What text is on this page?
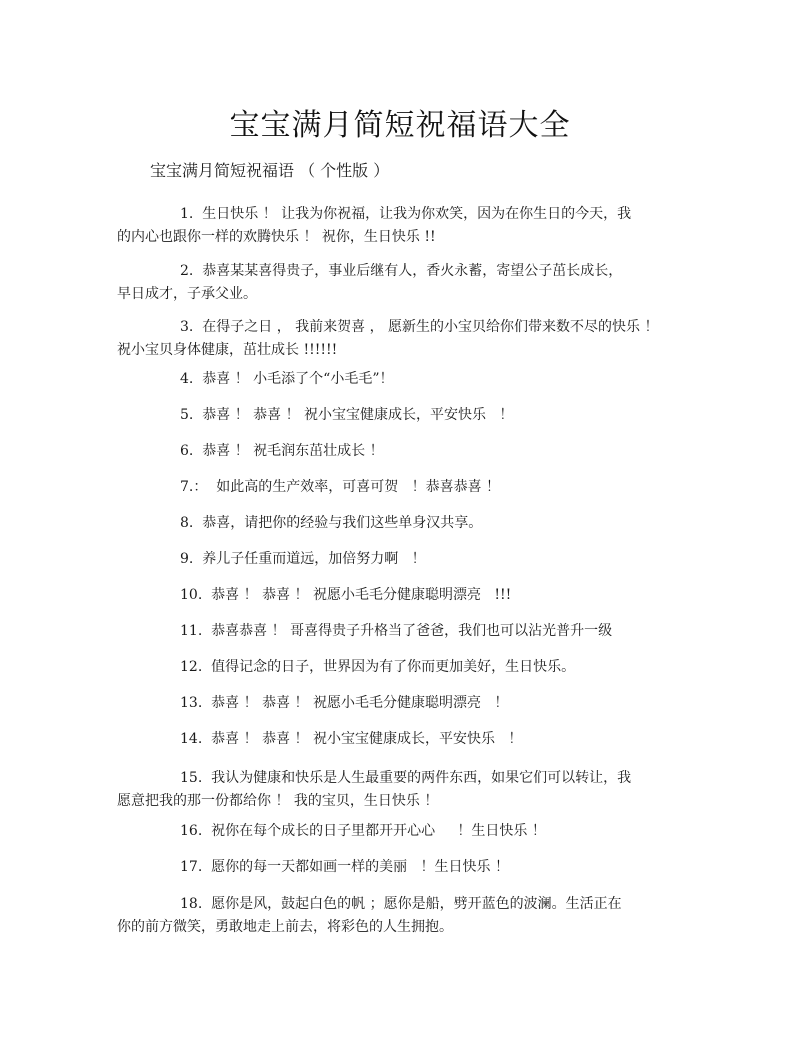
宝宝满月简短祝福语大全
宝宝满月简短祝福语 （ 个性版 ）
1.  生日快乐 ！ 让我为你祝福，让我为你欢笑，因为在你生日的今天，我
的内心也跟你一样的欢腾快乐 ！ 祝你，生日快乐 !!
2.  恭喜某某喜得贵子，事业后继有人，香火永蓄，寄望公子茁长成长，
早日成才，子承父业。
3.  在得子之日 ， 我前来贺喜 ， 愿新生的小宝贝给你们带来数不尽的快乐 ！
祝小宝贝身体健康，茁壮成长 !!!!!!
4.  恭喜 ！ 小毛添了个“小毛毛”！
5.  恭喜 ！ 恭喜 ！ 祝小宝宝健康成长，平安快乐   ！
6.  恭喜 ！ 祝毛润东茁壮成长 ！
7.：  如此高的生产效率，可喜可贺   ！恭喜恭喜 ！
8.  恭喜，请把你的经验与我们这些单身汉共享。
9.  养儿子任重而道远，加倍努力啊   ！
10.  恭喜 ！ 恭喜 ！ 祝愿小毛毛分健康聪明漂亮   !!!
11.  恭喜恭喜 ！ 哥喜得贵子升格当了爸爸，我们也可以沾光普升一级
12.  值得记念的日子，世界因为有了你而更加美好，生日快乐。
13.  恭喜 ！ 恭喜 ！ 祝愿小毛毛分健康聪明漂亮   ！
14.  恭喜 ！ 恭喜 ！ 祝小宝宝健康成长，平安快乐   ！
15.  我认为健康和快乐是人生最重要的两件东西，如果它们可以转让，我
愿意把我的那一份都给你 ！ 我的宝贝，生日快乐 ！
16.  祝你在每个成长的日子里都开开心心     ！生日快乐 ！
17.  愿你的每一天都如画一样的美丽   ！生日快乐 ！
18.  愿你是风，鼓起白色的帆 ；愿你是船，劈开蓝色的波澜。生活正在
你的前方微笑，勇敢地走上前去，将彩色的人生拥抱。
